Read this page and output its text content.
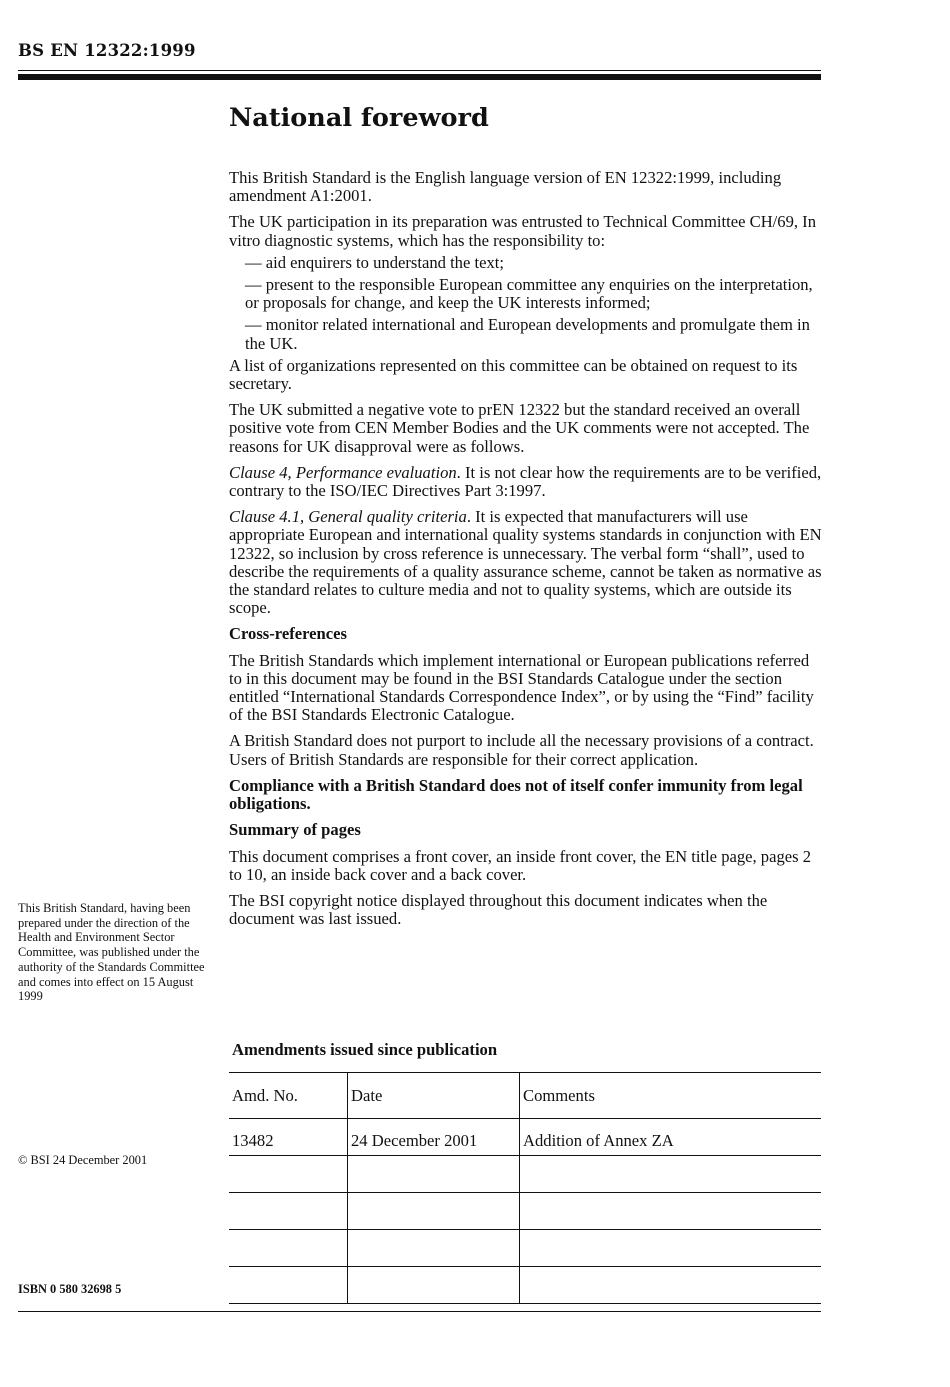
BS EN 12322:1999
National foreword

This British Standard is the English language version of EN 12322:1999, including amendment A1:2001.

The UK participation in its preparation was entrusted to Technical Committee CH/69, In vitro diagnostic systems, which has the responsibility to:

— aid enquirers to understand the text;
— present to the responsible European committee any enquiries on the interpretation, or proposals for change, and keep the UK interests informed;
— monitor related international and European developments and promulgate them in the UK.

A list of organizations represented on this committee can be obtained on request to its secretary.

The UK submitted a negative vote to prEN 12322 but the standard received an overall positive vote from CEN Member Bodies and the UK comments were not accepted. The reasons for UK disapproval were as follows.

Clause 4, Performance evaluation. It is not clear how the requirements are to be verified, contrary to the ISO/IEC Directives Part 3:1997.

Clause 4.1, General quality criteria. It is expected that manufacturers will use appropriate European and international quality systems standards in conjunction with EN 12322, so inclusion by cross reference is unnecessary. The verbal form “shall”, used to describe the requirements of a quality assurance scheme, cannot be taken as normative as the standard relates to culture media and not to quality systems, which are outside its scope.

Cross-references

The British Standards which implement international or European publications referred to in this document may be found in the BSI Standards Catalogue under the section entitled “International Standards Correspondence Index”, or by using the “Find” facility of the BSI Standards Electronic Catalogue.

A British Standard does not purport to include all the necessary provisions of a contract. Users of British Standards are responsible for their correct application.

Compliance with a British Standard does not of itself confer immunity from legal obligations.

Summary of pages

This document comprises a front cover, an inside front cover, the EN title page, pages 2 to 10, an inside back cover and a back cover.

The BSI copyright notice displayed throughout this document indicates when the document was last issued.

This British Standard, having been prepared under the direction of the Health and Environment Sector Committee, was published under the authority of the Standards Committee and comes into effect on 15 August 1999
© BSI 24 December 2001
ISBN 0 580 32698 5
Amendments issued since publication
Amd. No.	Date	Comments
13482	24 December 2001	Addition of Annex ZA
